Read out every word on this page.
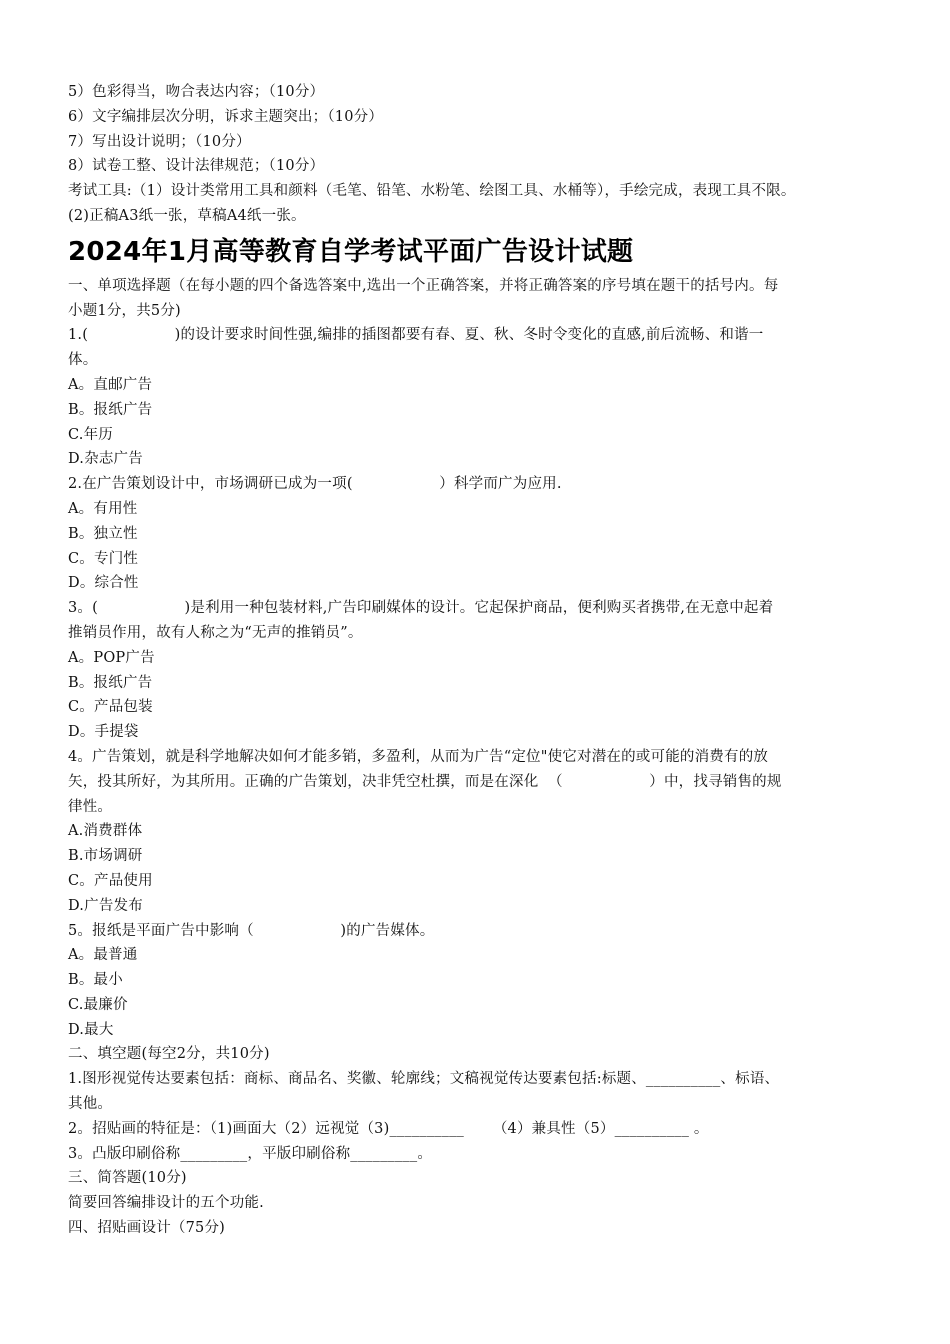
5）色彩得当，吻合表达内容；（10分）
6）文字编排层次分明，诉求主题突出；（10分）
7）写出设计说明；（10分）
8）试卷工整、设计法律规范；（10分）
考试工具:（1）设计类常用工具和颜料（毛笔、铅笔、水粉笔、绘图工具、水桶等），手绘完成，表现工具不限。
(2)正稿A3纸一张，草稿A4纸一张。
2024年1月高等教育自学考试平面广告设计试题
一、单项选择题（在每小题的四个备选答案中,选出一个正确答案，并将正确答案的序号填在题干的括号内。每
小题1分，共5分)
1.(                  )的设计要求时间性强,编排的插图都要有春、夏、秋、冬时令变化的直感,前后流畅、和谐一
体。
A。直邮广告
B。报纸广告
C.年历
D.杂志广告
2.在广告策划设计中，市场调研已成为一项(                  ）科学而广为应用.
A。有用性
B。独立性
C。专门性
D。综合性
3。(                  )是利用一种包装材料,广告印刷媒体的设计。它起保护商品，便利购买者携带,在无意中起着
推销员作用，故有人称之为“无声的推销员”。
A。POP广告
B。报纸广告
C。产品包装
D。手提袋
4。广告策划，就是科学地解决如何才能多销，多盈利，从而为广告“定位"使它对潜在的或可能的消费有的放
矢，投其所好，为其所用。正确的广告策划，决非凭空杜撰，而是在深化  （                  ）中，找寻销售的规
律性。
A.消费群体
B.市场调研
C。产品使用
D.广告发布
5。报纸是平面广告中影响（                  )的广告媒体。
A。最普通
B。最小
C.最廉价
D.最大
二、填空题(每空2分，共10分)
1.图形视觉传达要素包括：商标、商品名、奖徽、轮廓线；文稿视觉传达要素包括:标题、__________、标语、
其他。
2。招贴画的特征是：（1)画面大（2）远视觉（3)__________      （4）兼具性（5）__________ 。
3。凸版印刷俗称_________，平版印刷俗称_________。
三、简答题(10分)
简要回答编排设计的五个功能.
四、招贴画设计（75分)
